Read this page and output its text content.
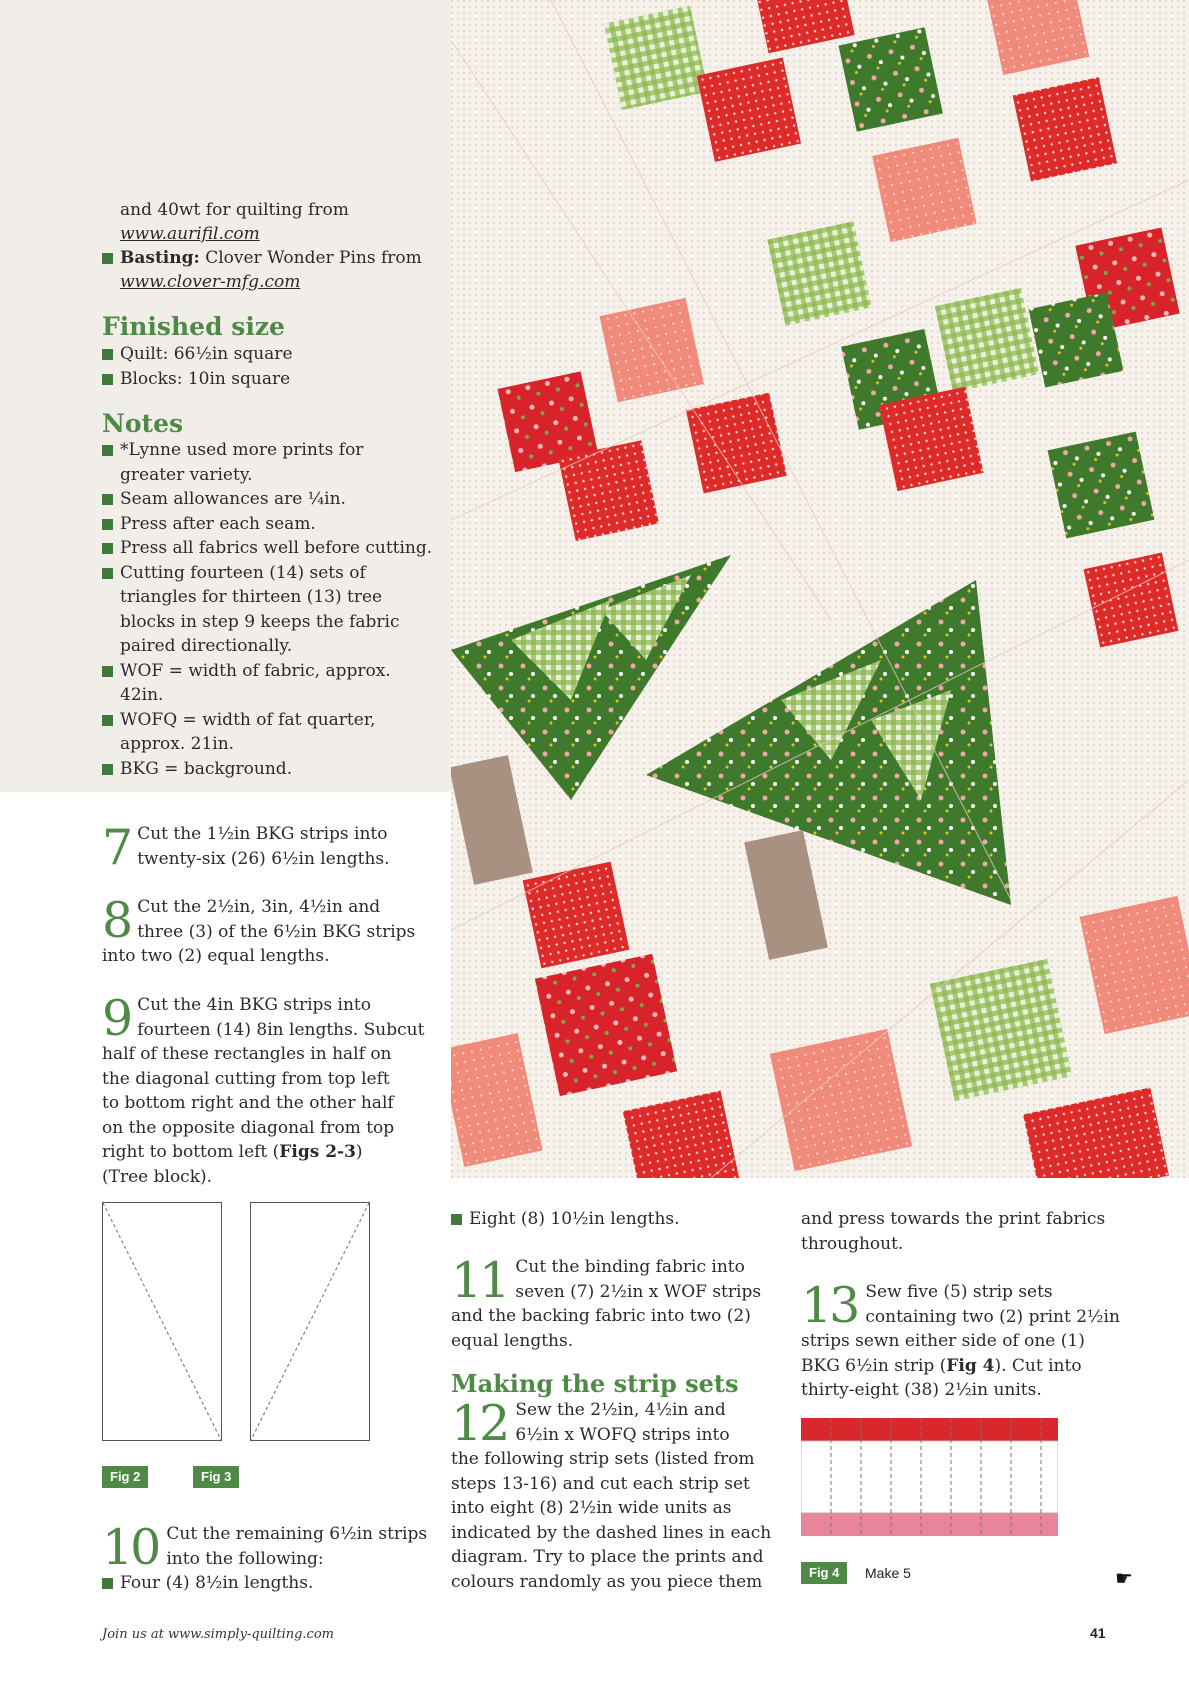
and 40wt for quilting from
www.aurifil.com
Basting: Clover Wonder Pins from
www.clover-mfg.com
Finished size
Quilt: 66½in square
Blocks: 10in square
Notes
*Lynne used more prints for
greater variety.
Seam allowances are ¼in.
Press after each seam.
Press all fabrics well before cutting.
Cutting fourteen (14) sets of
triangles for thirteen (13) tree
blocks in step 9 keeps the fabric
paired directionally.
WOF = width of fabric, approx.
42in.
WOFQ = width of fat quarter,
approx. 21in.
BKG = background.
7 Cut the 1½in BKG strips into
twenty-six (26) 6½in lengths.
8 Cut the 2½in, 3in, 4½in and
three (3) of the 6½in BKG strips
into two (2) equal lengths.
9 Cut the 4in BKG strips into
fourteen (14) 8in lengths. Subcut
half of these rectangles in half on
the diagonal cutting from top left
to bottom right and the other half
on the opposite diagonal from top
right to bottom left (Figs 2-3)
(Tree block).
Fig 2	Fig 3
10 Cut the remaining 6½in strips
into the following:
Four (4) 8½in lengths.
Eight (8) 10½in lengths.
11 Cut the binding fabric into
seven (7) 2½in x WOF strips
and the backing fabric into two (2)
equal lengths.
Making the strip sets
12 Sew the 2½in, 4½in and
6½in x WOFQ strips into
the following strip sets (listed from
steps 13-16) and cut each strip set
into eight (8) 2½in wide units as
indicated by the dashed lines in each
diagram. Try to place the prints and
colours randomly as you piece them
and press towards the print fabrics
throughout.
13 Sew five (5) strip sets
containing two (2) print 2½in
strips sewn either side of one (1)
BKG 6½in strip (Fig 4). Cut into
thirty-eight (38) 2½in units.
Fig 4	Make 5	☛
Join us at www.simply-quilting.com	41
